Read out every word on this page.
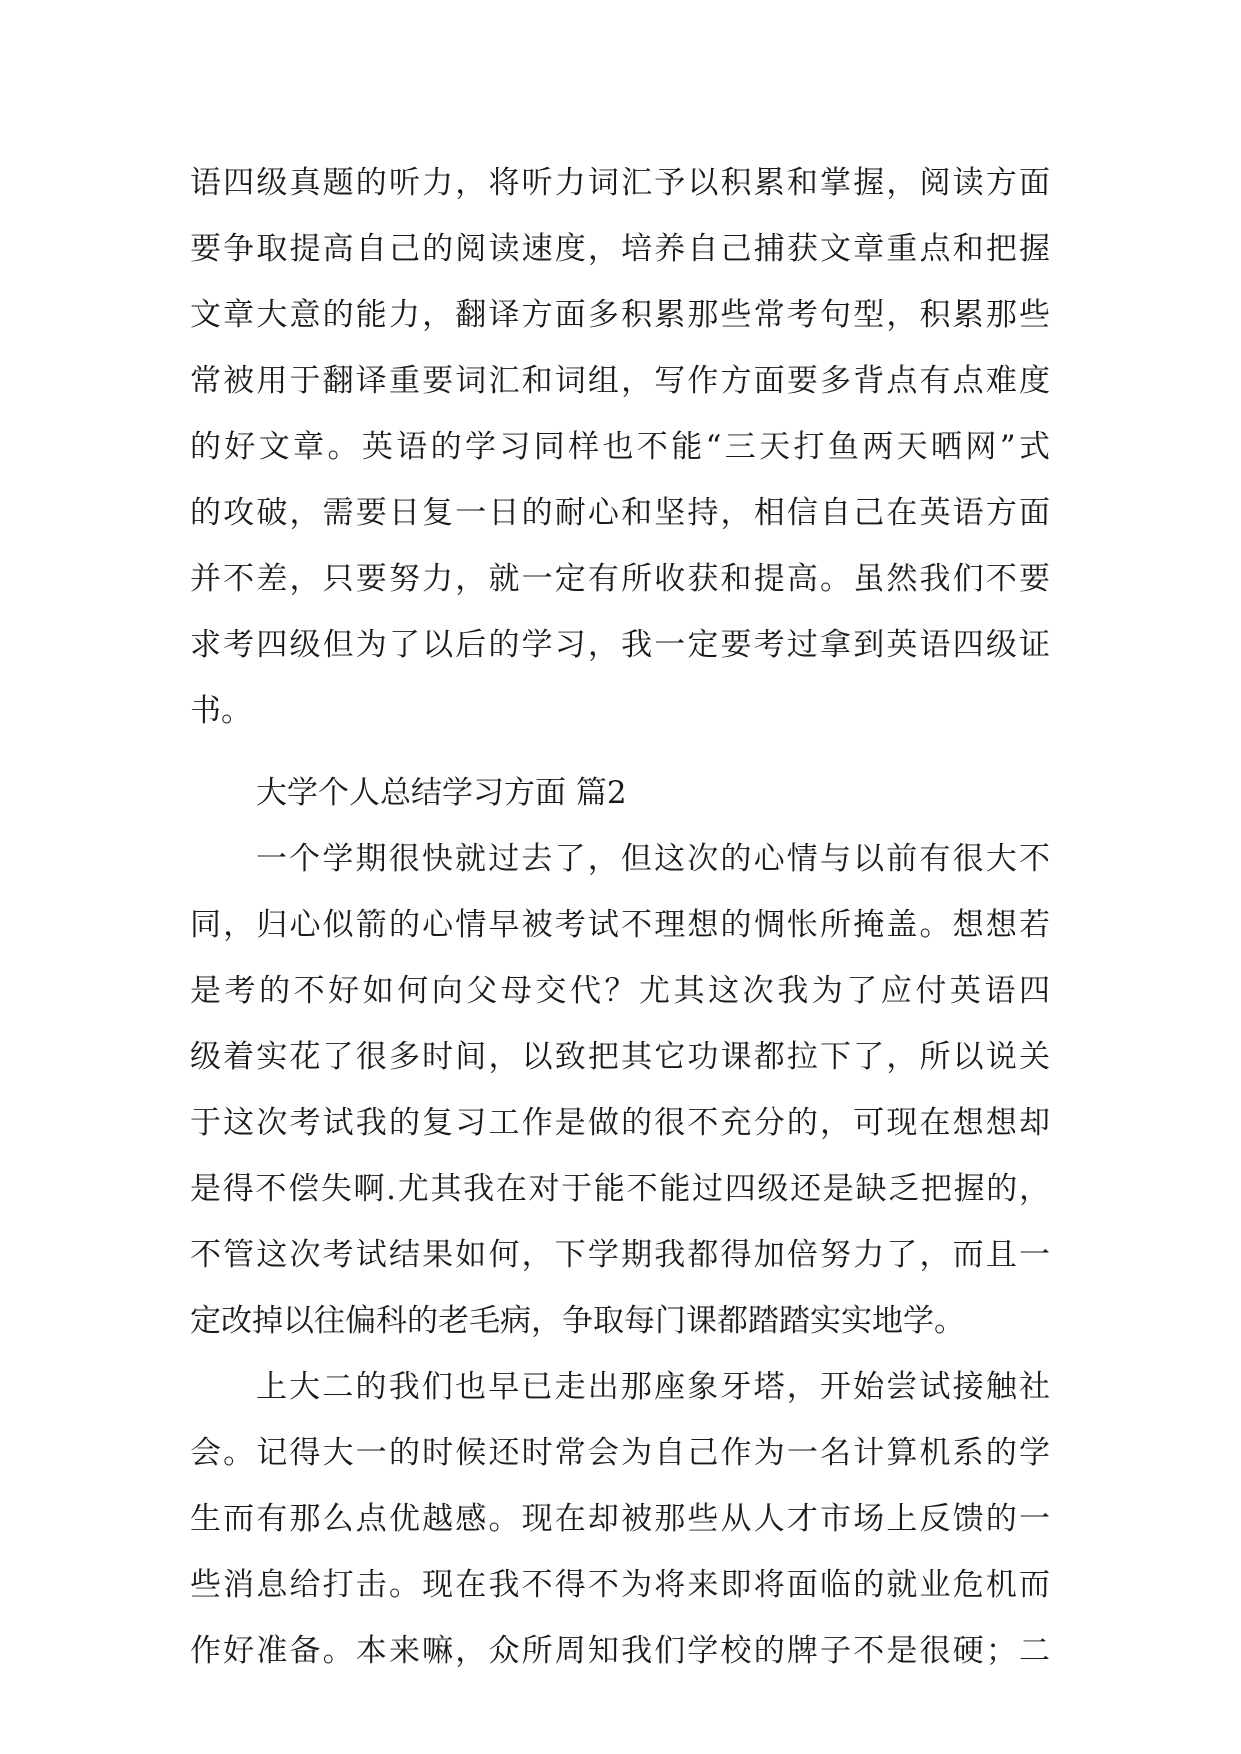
语四级真题的听力，将听力词汇予以积累和掌握，阅读方面
要争取提高自己的阅读速度，培养自己捕获文章重点和把握
文章大意的能力，翻译方面多积累那些常考句型，积累那些
常被用于翻译重要词汇和词组，写作方面要多背点有点难度
的好文章。英语的学习同样也不能“三天打鱼两天晒网”式
的攻破，需要日复一日的耐心和坚持，相信自己在英语方面
并不差，只要努力，就一定有所收获和提高。虽然我们不要
求考四级但为了以后的学习，我一定要考过拿到英语四级证
书。
大学个人总结学习方面 篇2
一个学期很快就过去了，但这次的心情与以前有很大不
同，归心似箭的心情早被考试不理想的惆怅所掩盖。想想若
是考的不好如何向父母交代？尤其这次我为了应付英语四
级着实花了很多时间，以致把其它功课都拉下了，所以说关
于这次考试我的复习工作是做的很不充分的，可现在想想却
是得不偿失啊.尤其我在对于能不能过四级还是缺乏把握的，
不管这次考试结果如何，下学期我都得加倍努力了，而且一
定改掉以往偏科的老毛病，争取每门课都踏踏实实地学。
上大二的我们也早已走出那座象牙塔，开始尝试接触社
会。记得大一的时候还时常会为自己作为一名计算机系的学
生而有那么点优越感。现在却被那些从人才市场上反馈的一
些消息给打击。现在我不得不为将来即将面临的就业危机而
作好准备。本来嘛，众所周知我们学校的牌子不是很硬；二
